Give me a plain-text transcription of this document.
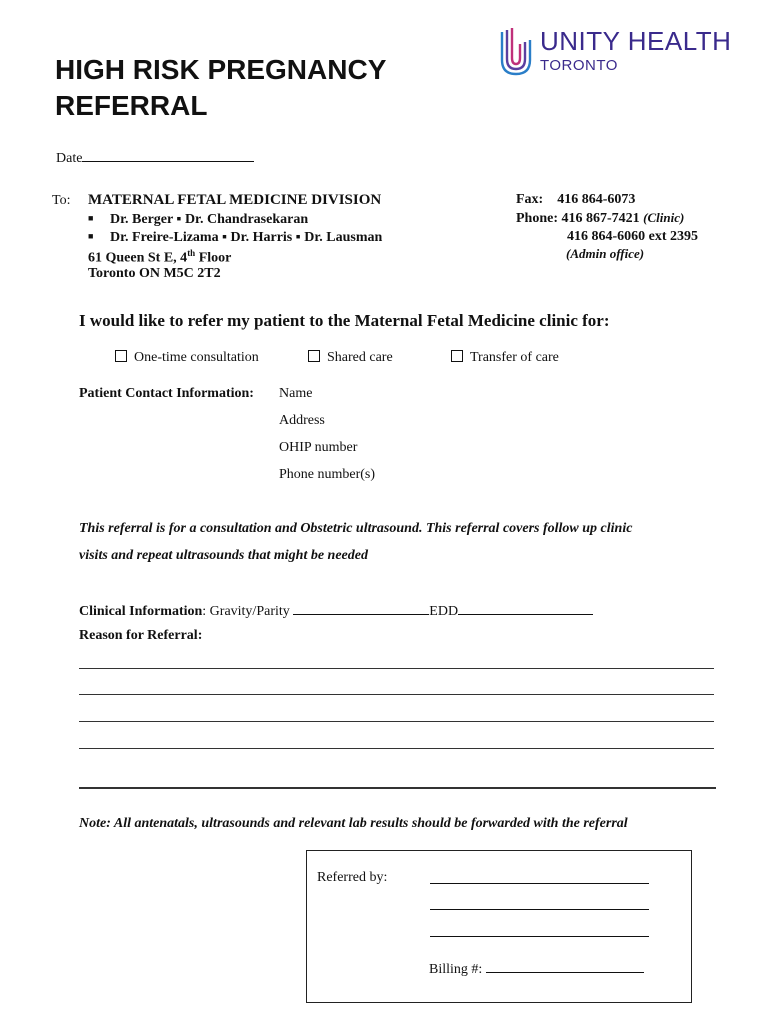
HIGH RISK PREGNANCY
REFERRAL
UNITY HEALTH
TORONTO
Date
To: MATERNAL FETAL MEDICINE DIVISION
■ Dr. Berger ▪ Dr. Chandrasekaran
■ Dr. Freire-Lizama ▪ Dr. Harris ▪ Dr. Lausman
61 Queen St E, 4th Floor
Toronto ON M5C 2T2
Fax: 416 864-6073
Phone: 416 867-7421 (Clinic)
416 864-6060 ext 2395
(Admin office)
I would like to refer my patient to the Maternal Fetal Medicine clinic for:
One-time consultation	Shared care	Transfer of care
Patient Contact Information: Name
Address
OHIP number
Phone number(s)
This referral is for a consultation and Obstetric ultrasound. This referral covers follow up clinic
visits and repeat ultrasounds that might be needed
Clinical Information: Gravity/Parity	EDD
Reason for Referral:
Note: All antenatals, ultrasounds and relevant lab results should be forwarded with the referral
Referred by:
Billing #:
